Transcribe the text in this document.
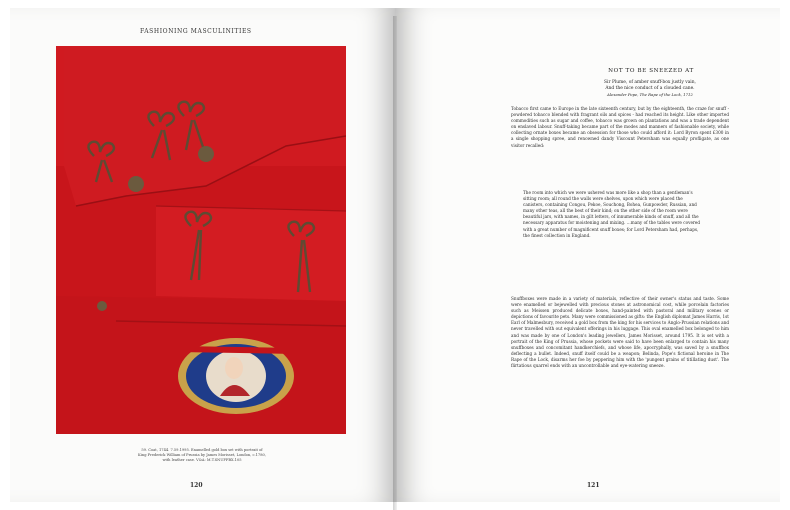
FASHIONING MASCULINITIES
59. Coat, 1744. 7.59.1995. Enamelled gold box set with portrait of
King Frederick William of Prussia by James Morisset, London, c.1780,
with leather case. V&A: M.T.SNUFFBX.105
120
NOT TO BE SNEEZED AT
Sir Plume, of amber snuff-box justly vain,
And the nice conduct of a clouded cane.
Alexander Pope, The Rape of the Lock, 1712
Tobacco first came to Europe in the late sixteenth century, but by the eighteenth, the craze for snuff - powdered tobacco blended with fragrant oils and spices - had reached its height. Like other imported commodities such as sugar and coffee, tobacco was grown on plantations and was a trade dependent on enslaved labour. Snuff-taking became part of the modes and manners of fashionable society, while collecting ornate boxes became an obsession for those who could afford it: Lord Byron spent £300 in a single shopping spree, and renowned dandy Viscount Petersham was equally profligate, as one visitor recalled:
The room into which we were ushered was more like a shop than a gentleman's sitting room; all round the walls were shelves, upon which were placed the canisters, containing Congou, Pekoe, Souchong, Bohea, Gunpowder, Russian, and many other teas, all the best of their kind; on the other side of the room were beautiful jars, with names, in gilt letters, of innumerable kinds of snuff, and all the necessary apparatus for moistening and mixing. ...many of the tables were covered with a great number of magnificent snuff boxes; for Lord Petersham had, perhaps, the finest collection in England.
Snuffboxes were made in a variety of materials, reflective of their owner's status and taste. Some were enamelled or bejewelled with precious stones at astronomical cost, while porcelain factories such as Meissen produced delicate boxes, hand-painted with pastoral and military scenes or depictions of favourite pets. Many were commissioned as gifts: the English diplomat James Harris, 1st Earl of Malmesbury, received a gold box from the king for his services to Anglo-Prussian relations and never travelled with out equivalent offerings in his luggage. This oval enamelled box belonged to him and was made by one of London's leading jewellers, James Morisset, around 1795. It is set with a portrait of the King of Prussia, whose pockets were said to have been enlarged to contain his many snuffboxes and concomitant handkerchiefs, and whose life, apocryphally, was saved by a snuffbox deflecting a bullet. Indeed, snuff itself could be a weapon; Belinda, Pope's fictional heroine in The Rape of the Lock, disarms her foe by peppering him with the 'pungent grains of titillating dust'. The flirtatious quarrel ends with an uncontrollable and eye-watering sneeze.
121
